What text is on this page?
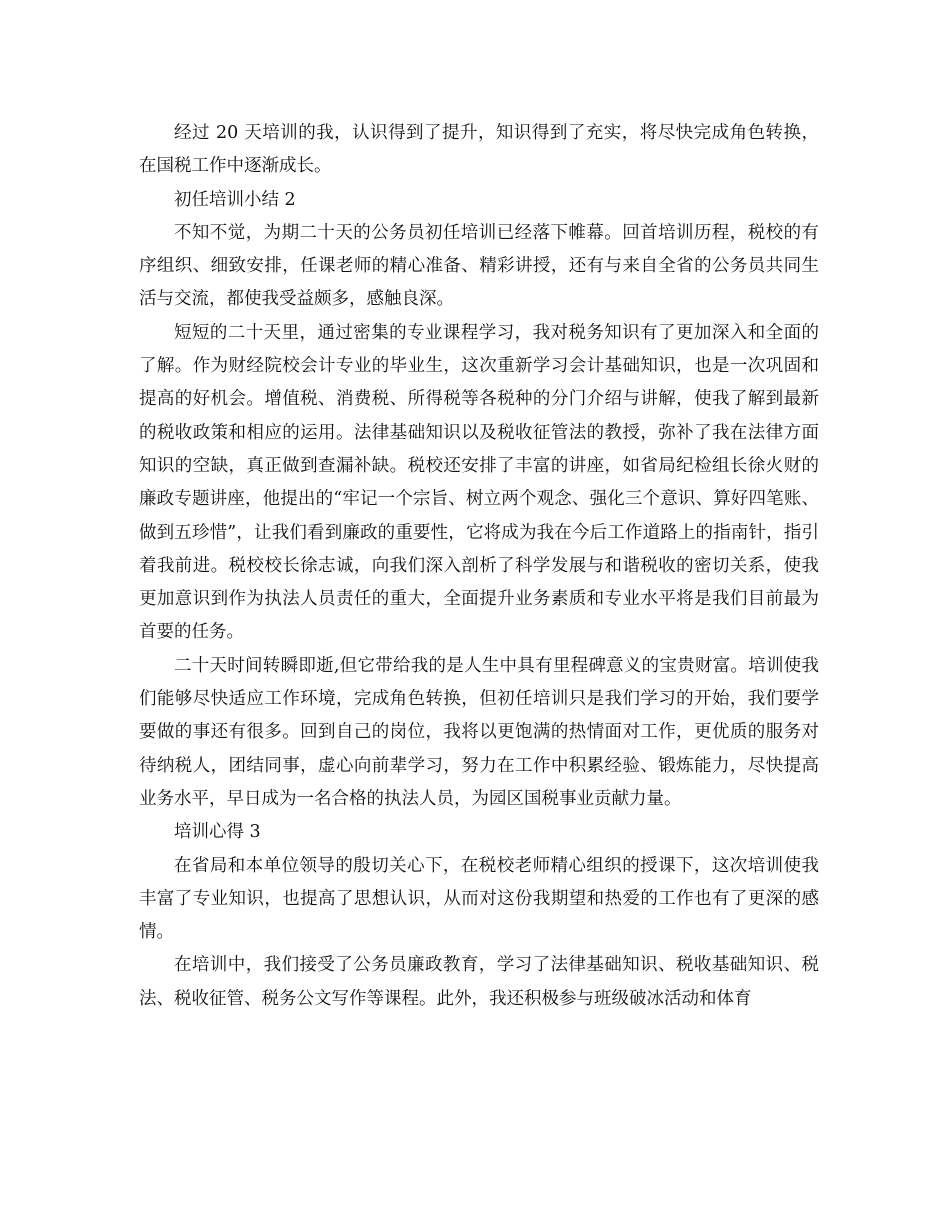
经过 20 天培训的我，认识得到了提升，知识得到了充实，将尽快完成角色转换，在国税工作中逐渐成长。

初任培训小结 2

不知不觉，为期二十天的公务员初任培训已经落下帷幕。回首培训历程，税校的有序组织、细致安排，任课老师的精心准备、精彩讲授，还有与来自全省的公务员共同生活与交流，都使我受益颇多，感触良深。

短短的二十天里，通过密集的专业课程学习，我对税务知识有了更加深入和全面的了解。作为财经院校会计专业的毕业生，这次重新学习会计基础知识，也是一次巩固和提高的好机会。增值税、消费税、所得税等各税种的分门介绍与讲解，使我了解到最新的税收政策和相应的运用。法律基础知识以及税收征管法的教授，弥补了我在法律方面知识的空缺，真正做到查漏补缺。税校还安排了丰富的讲座，如省局纪检组长徐火财的廉政专题讲座，他提出的“牢记一个宗旨、树立两个观念、强化三个意识、算好四笔账、做到五珍惜”，让我们看到廉政的重要性，它将成为我在今后工作道路上的指南针，指引着我前进。税校校长徐志诚，向我们深入剖析了科学发展与和谐税收的密切关系，使我更加意识到作为执法人员责任的重大，全面提升业务素质和专业水平将是我们目前最为首要的任务。

二十天时间转瞬即逝,但它带给我的是人生中具有里程碑意义的宝贵财富。培训使我们能够尽快适应工作环境，完成角色转换，但初任培训只是我们学习的开始，我们要学要做的事还有很多。回到自己的岗位，我将以更饱满的热情面对工作，更优质的服务对待纳税人，团结同事，虚心向前辈学习，努力在工作中积累经验、锻炼能力，尽快提高业务水平，早日成为一名合格的执法人员，为园区国税事业贡献力量。

培训心得 3

在省局和本单位领导的殷切关心下，在税校老师精心组织的授课下，这次培训使我丰富了专业知识，也提高了思想认识，从而对这份我期望和热爱的工作也有了更深的感情。

在培训中，我们接受了公务员廉政教育，学习了法律基础知识、税收基础知识、税法、税收征管、税务公文写作等课程。此外，我还积极参与班级破冰活动和体育
